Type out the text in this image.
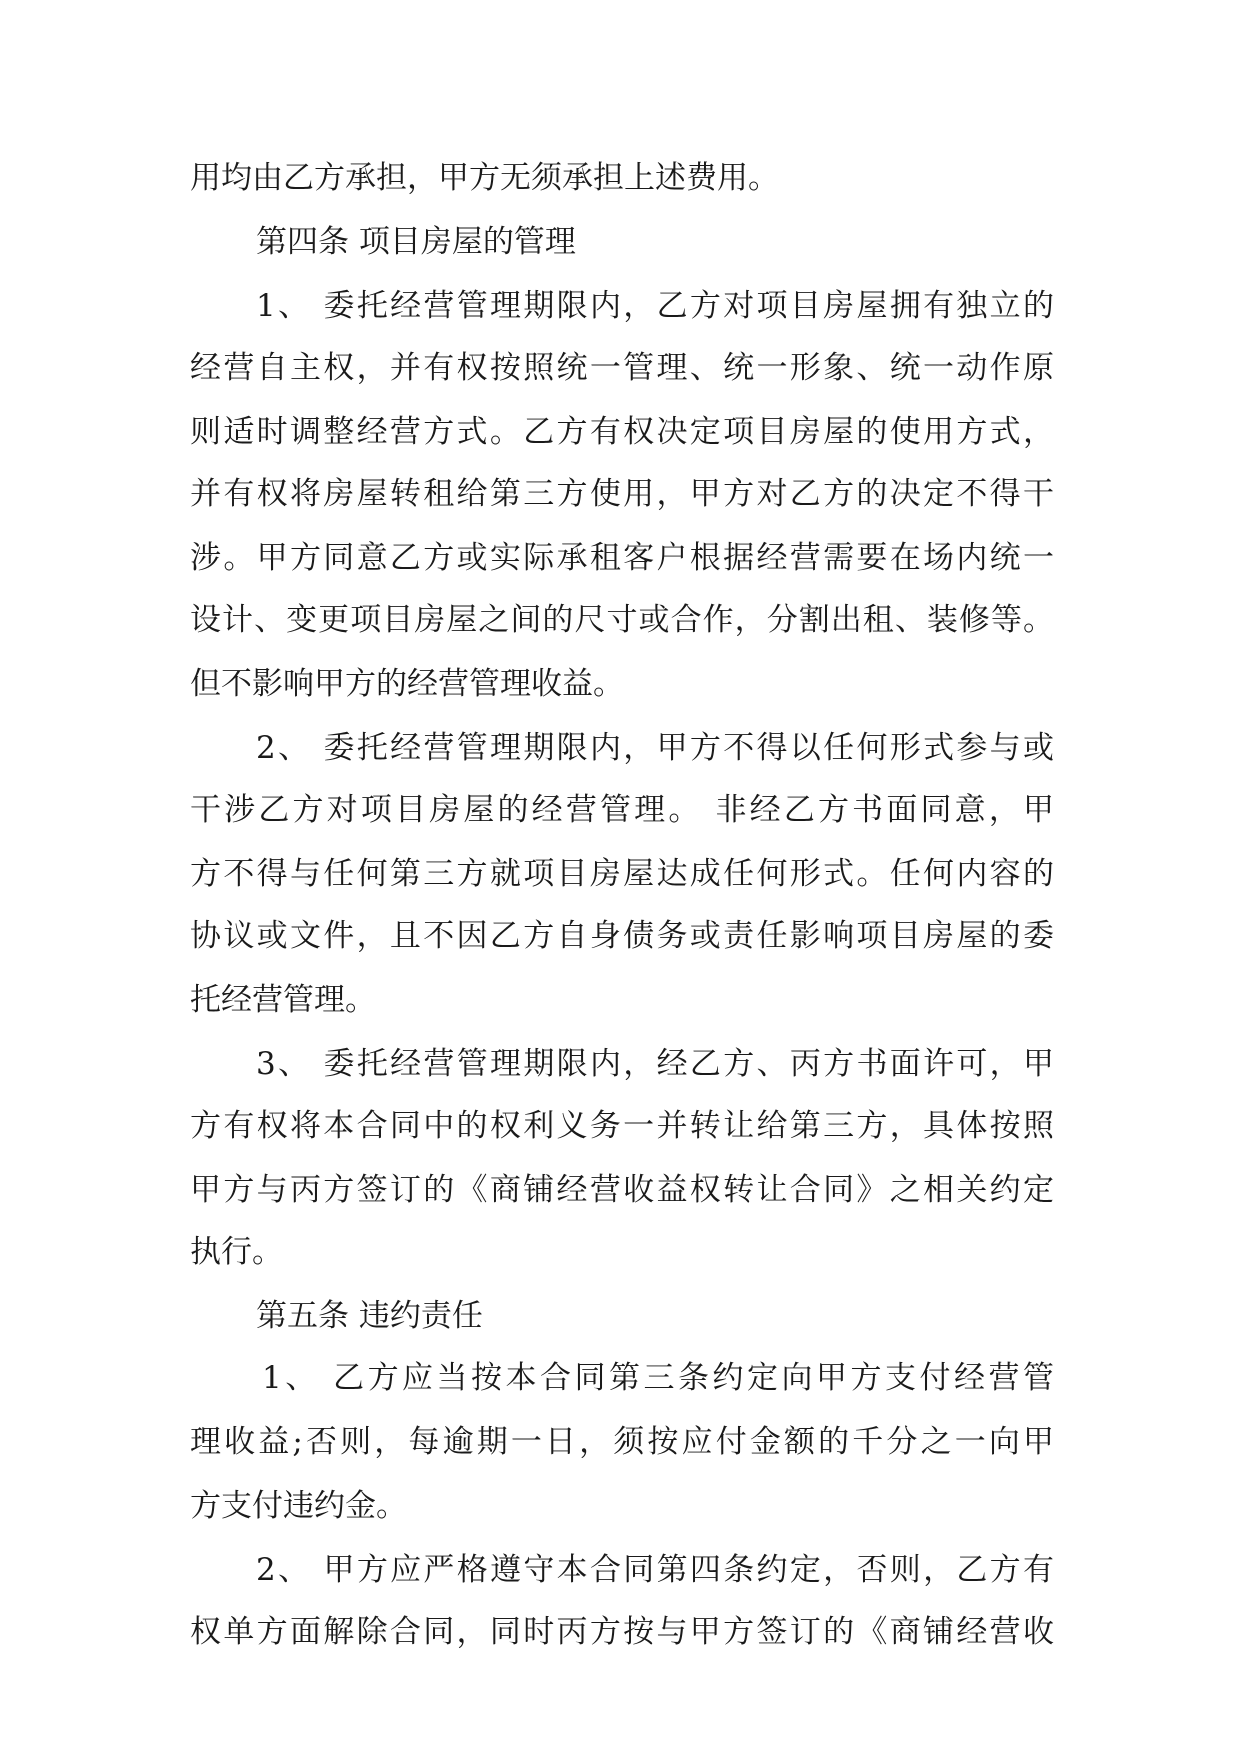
用均由乙方承担，甲方无须承担上述费用。
第四条 项目房屋的管理
1、 委托经营管理期限内，乙方对项目房屋拥有独立的
经营自主权，并有权按照统一管理、统一形象、统一动作原
则适时调整经营方式。乙方有权决定项目房屋的使用方式，
并有权将房屋转租给第三方使用，甲方对乙方的决定不得干
涉。甲方同意乙方或实际承租客户根据经营需要在场内统一
设计、变更项目房屋之间的尺寸或合作，分割出租、装修等。
但不影响甲方的经营管理收益。
2、 委托经营管理期限内，甲方不得以任何形式参与或
干涉乙方对项目房屋的经营管理。 非经乙方书面同意，甲
方不得与任何第三方就项目房屋达成任何形式。任何内容的
协议或文件，且不因乙方自身债务或责任影响项目房屋的委
托经营管理。
3、 委托经营管理期限内，经乙方、丙方书面许可，甲
方有权将本合同中的权利义务一并转让给第三方，具体按照
甲方与丙方签订的《商铺经营收益权转让合同》之相关约定
执行。
第五条 违约责任
1、 乙方应当按本合同第三条约定向甲方支付经营管
理收益;否则，每逾期一日，须按应付金额的千分之一向甲
方支付违约金。
2、 甲方应严格遵守本合同第四条约定，否则，乙方有
权单方面解除合同，同时丙方按与甲方签订的《商铺经营收
